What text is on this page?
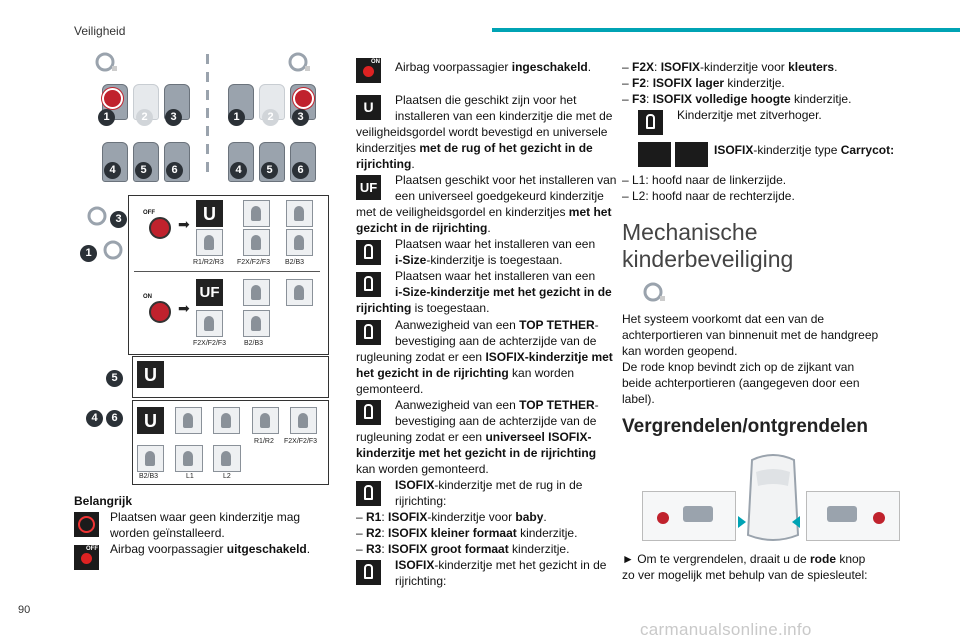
Veiligheid
1	2	3
4	5	6
1	2	3
4	5	6
3
1
5
4	6
OFF
➡ U
R1/R2/R3 F2X/F2/F3 B2/B3
ON
➡
UF
F2X/F2/F3	B2/B3
U
U
R1/R2 F2X/F2/F3
B2/B3	L1	L2
Belangrijk
Plaatsen waar geen kinderzitje mag worden geïnstalleerd.
OFF Airbag voorpassagier uitgeschakeld.
ON Airbag voorpassagier ingeschakeld.
U	Plaatsen die geschikt zijn voor het
installeren van een kinderzitje die met de
veiligheidsgordel wordt bevestigd en universele
kinderzitjes met de rug of het gezicht in de
rijrichting.
UF	Plaatsen geschikt voor het installeren van
een universeel goedgekeurd kinderzitje
met de veiligheidsgordel en kinderzitjes met het
gezicht in de rijrichting.
Plaatsen waar het installeren van een
i-Size-kinderzitje is toegestaan.
Plaatsen waar het installeren van een
i-Size-kinderzitje met het gezicht in de
rijrichting is toegestaan.
Aanwezigheid van een TOP TETHER-
bevestiging aan de achterzijde van de
rugleuning zodat er een ISOFIX-kinderzitje met
het gezicht in de rijrichting kan worden
gemonteerd.
Aanwezigheid van een TOP TETHER-
bevestiging aan de achterzijde van de
rugleuning zodat er een universeel ISOFIX-
kinderzitje met het gezicht in de rijrichting
kan worden gemonteerd.
ISOFIX-kinderzitje met de rug in de
rijrichting:
– R1: ISOFIX-kinderzitje voor baby.
– R2: ISOFIX kleiner formaat kinderzitje.
– R3: ISOFIX groot formaat kinderzitje.
ISOFIX-kinderzitje met het gezicht in de
rijrichting:
– F2X: ISOFIX-kinderzitje voor kleuters.
– F2: ISOFIX lager kinderzitje.
– F3: ISOFIX volledige hoogte kinderzitje.
Kinderzitje met zitverhoger.
ISOFIX-kinderzitje type Carrycot:
– L1: hoofd naar de linkerzijde.
– L2: hoofd naar de rechterzijde.
Mechanische
kinderbeveiliging
Het systeem voorkomt dat een van de
achterportieren van binnenuit met de handgreep
kan worden geopend.
De rode knop bevindt zich op de zijkant van
beide achterportieren (aangegeven door een
label).
Vergrendelen/ontgrendelen
► Om te vergrendelen, draait u de rode knop
zo ver mogelijk met behulp van de spiesleutel:
90
carmanualsonline.info
